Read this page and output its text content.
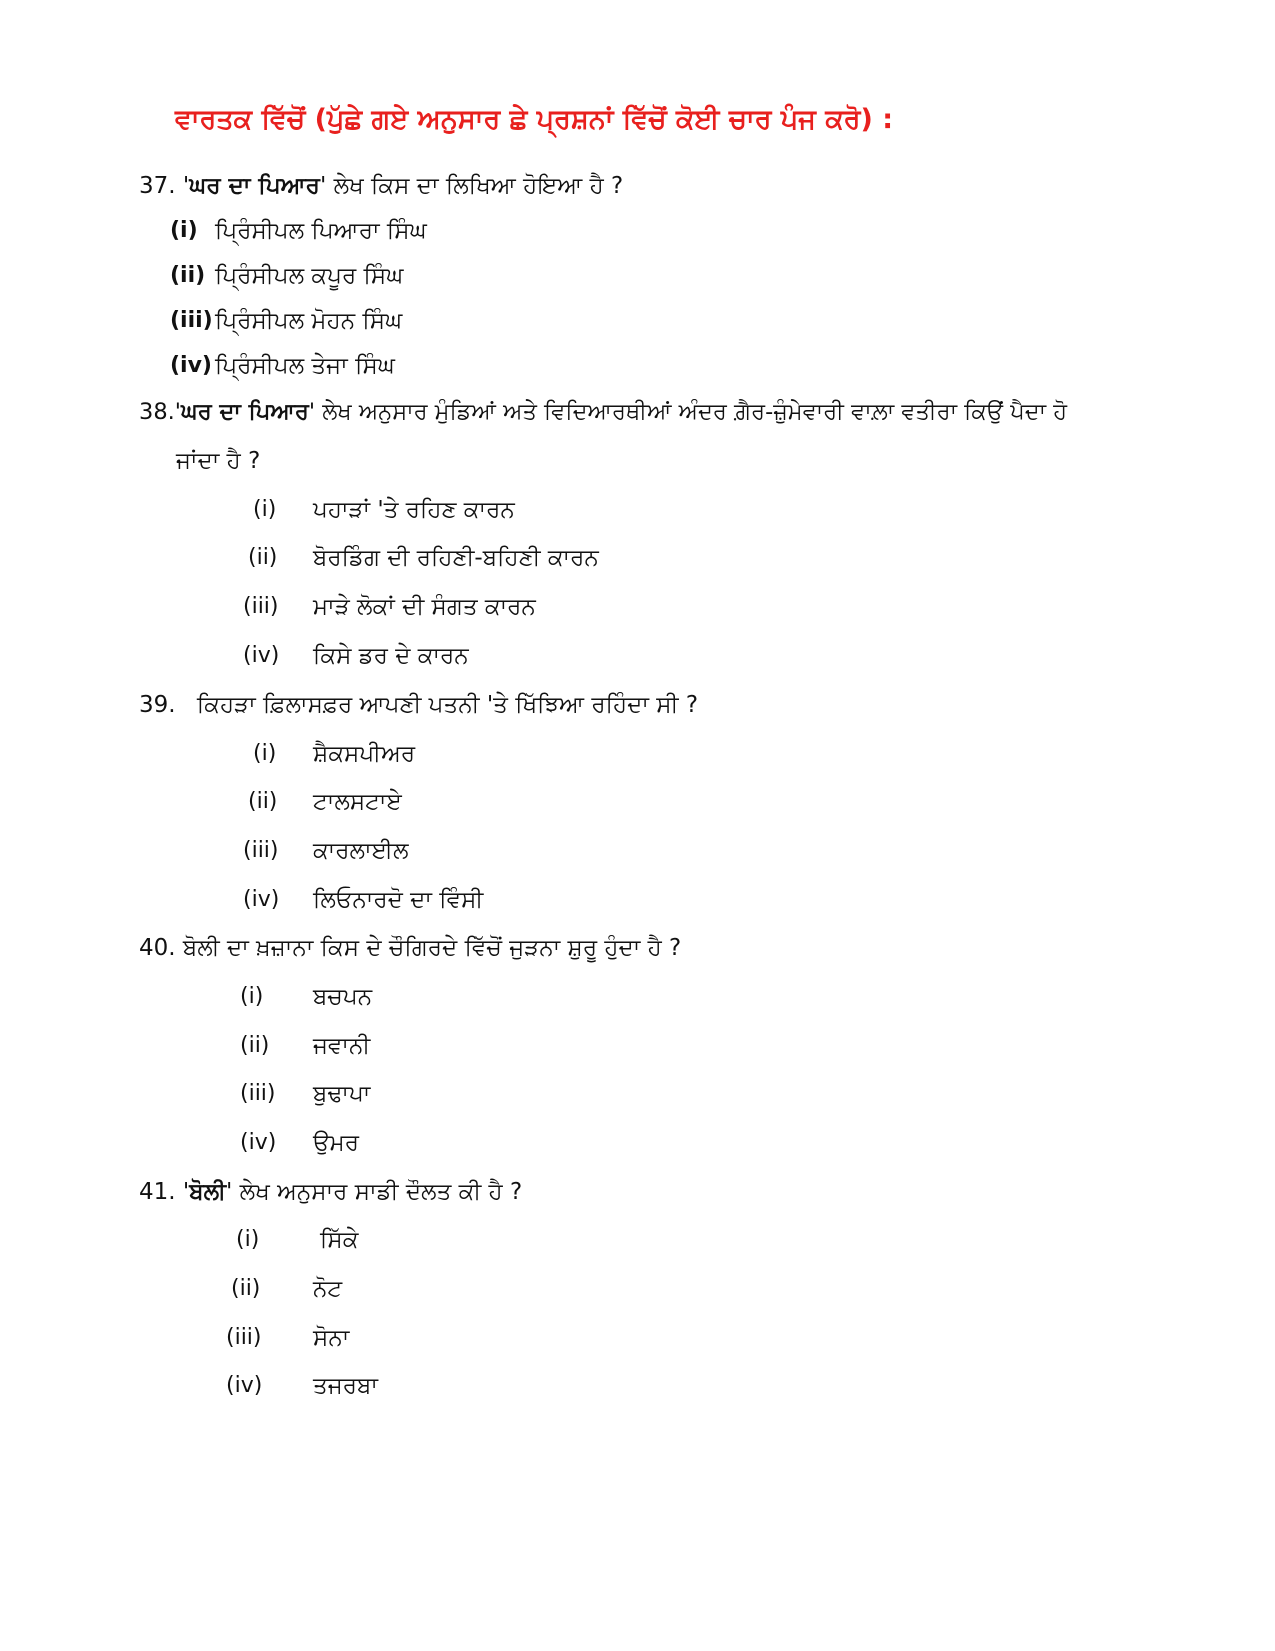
ਵਾਰਤਕ ਵਿੱਚੋਂ (ਪੁੱਛੇ ਗਏ ਅਨੁਸਾਰ ਛੇ ਪ੍ਰਸ਼ਨਾਂ ਵਿੱਚੋਂ ਕੋਈ ਚਾਰ ਪੰਜ ਕਰੋ) :
37. 'ਘਰ ਦਾ ਪਿਆਰ' ਲੇਖ ਕਿਸ ਦਾ ਲਿਖਿਆ ਹੋਇਆ ਹੈ ?
(i) ਪ੍ਰਿੰਸੀਪਲ ਪਿਆਰਾ ਸਿੰਘ
(ii) ਪ੍ਰਿੰਸੀਪਲ ਕਪੂਰ ਸਿੰਘ
(iii) ਪ੍ਰਿੰਸੀਪਲ ਮੋਹਨ ਸਿੰਘ
(iv) ਪ੍ਰਿੰਸੀਪਲ ਤੇਜਾ ਸਿੰਘ
38.'ਘਰ ਦਾ ਪਿਆਰ' ਲੇਖ ਅਨੁਸਾਰ ਮੁੰਡਿਆਂ ਅਤੇ ਵਿਦਿਆਰਥੀਆਂ ਅੰਦਰ ਗ਼ੈਰ-ਜ਼ੁੰਮੇਵਾਰੀ ਵਾਲ਼ਾ ਵਤੀਰਾ ਕਿਉਂ ਪੈਦਾ ਹੋ
ਜਾਂਦਾ ਹੈ ?
(i) ਪਹਾੜਾਂ 'ਤੇ ਰਹਿਣ ਕਾਰਨ
(ii) ਬੋਰਡਿੰਗ ਦੀ ਰਹਿਣੀ-ਬਹਿਣੀ ਕਾਰਨ
(iii) ਮਾੜੇ ਲੋਕਾਂ ਦੀ ਸੰਗਤ ਕਾਰਨ
(iv) ਕਿਸੇ ਡਰ ਦੇ ਕਾਰਨ
39. ਕਿਹੜਾ ਫ਼ਿਲਾਸਫ਼ਰ ਆਪਣੀ ਪਤਨੀ 'ਤੇ ਖਿੱਝਿਆ ਰਹਿੰਦਾ ਸੀ ?
(i) ਸ਼ੈਕਸਪੀਅਰ
(ii) ਟਾਲਸਟਾਏ
(iii) ਕਾਰਲਾਈਲ
(iv) ਲਿਓਨਾਰਦੋ ਦਾ ਵਿੰਸੀ
40. ਬੋਲੀ ਦਾ ਖ਼ਜ਼ਾਨਾ ਕਿਸ ਦੇ ਚੌਗਿਰਦੇ ਵਿੱਚੋਂ ਜੁੜਨਾ ਸ਼ੁਰੂ ਹੁੰਦਾ ਹੈ ?
(i) ਬਚਪਨ
(ii) ਜਵਾਨੀ
(iii) ਬੁਢਾਪਾ
(iv) ਉਮਰ
41. 'ਬੋਲੀ' ਲੇਖ ਅਨੁਸਾਰ ਸਾਡੀ ਦੌਲਤ ਕੀ ਹੈ ?
(i)	ਸਿੱਕੇ
(ii) ਨੋਟ
(iii) ਸੋਨਾ
(iv) ਤਜਰਬਾ
